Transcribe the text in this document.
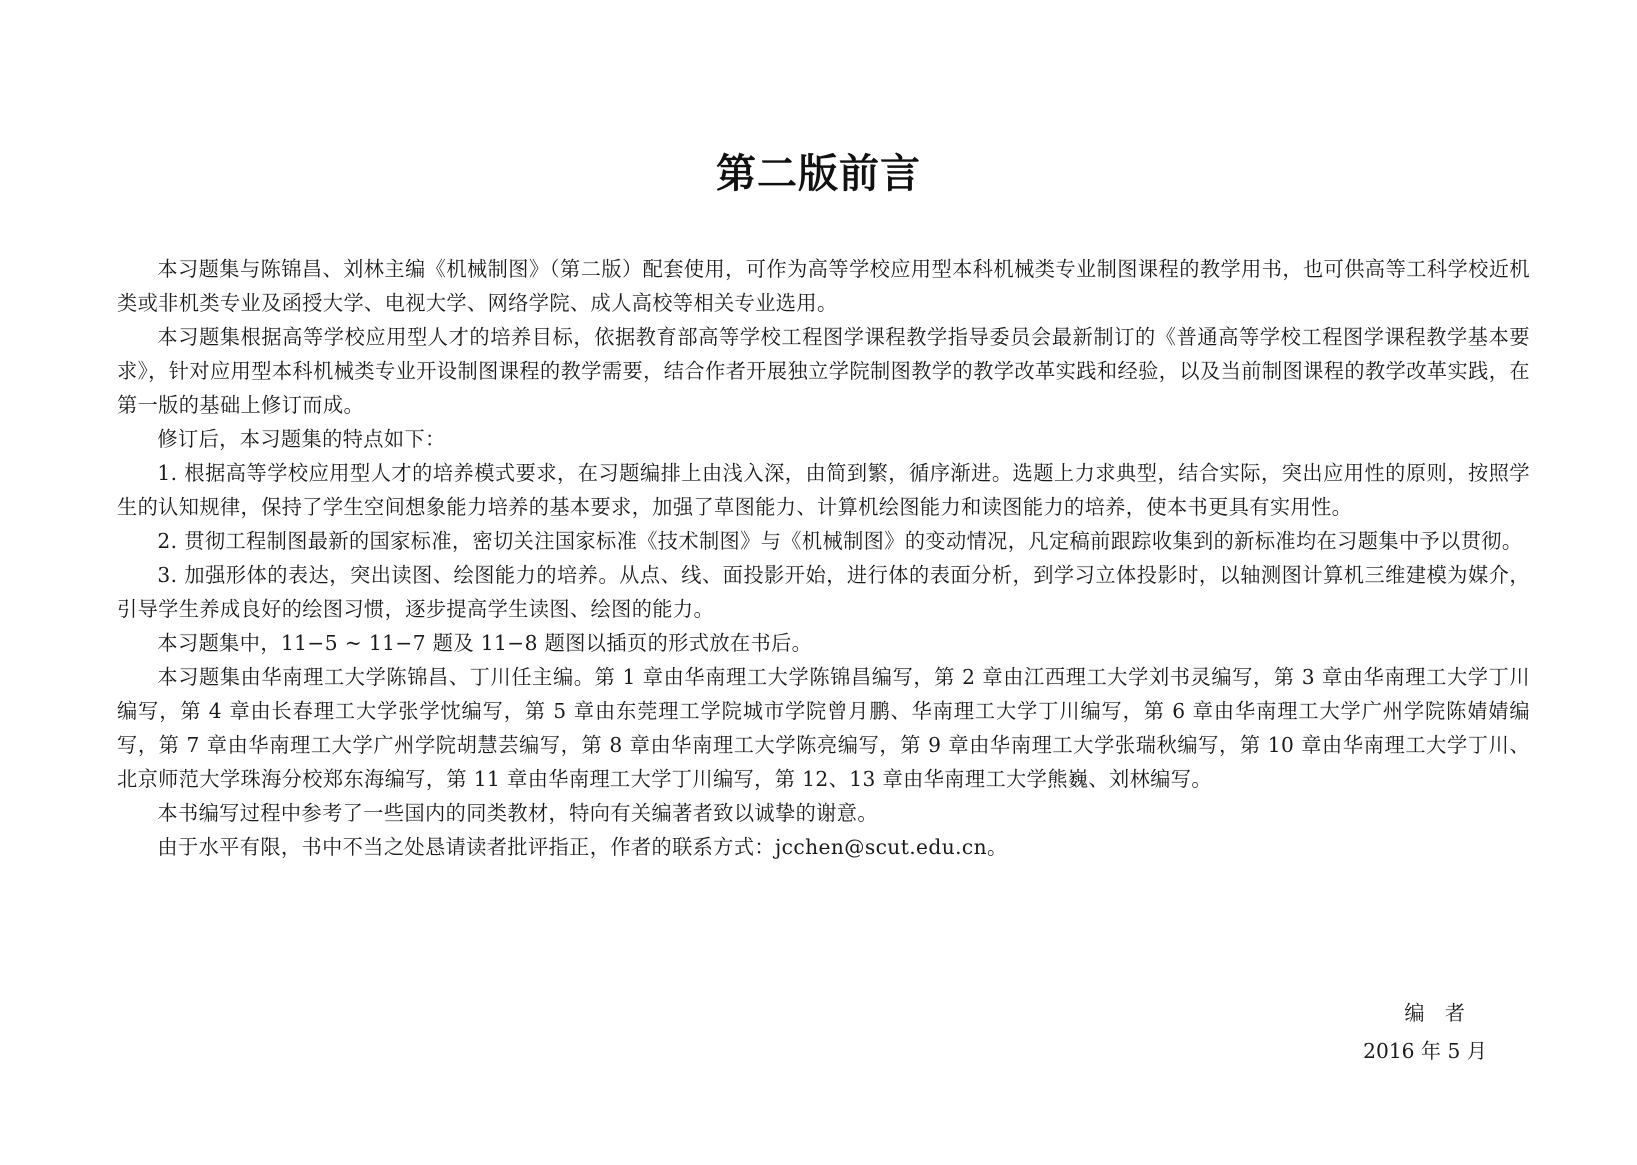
第二版前言

本习题集与陈锦昌、刘林主编《机械制图》（第二版）配套使用，可作为高等学校应用型本科机械类专业制图课程的教学用书，也可供高等工科学校近机类或非机类专业及函授大学、电视大学、网络学院、成人高校等相关专业选用。

本习题集根据高等学校应用型人才的培养目标，依据教育部高等学校工程图学课程教学指导委员会最新制订的《普通高等学校工程图学课程教学基本要求》，针对应用型本科机械类专业开设制图课程的教学需要，结合作者开展独立学院制图教学的教学改革实践和经验，以及当前制图课程的教学改革实践，在第一版的基础上修订而成。

修订后，本习题集的特点如下：

1. 根据高等学校应用型人才的培养模式要求，在习题编排上由浅入深，由简到繁，循序渐进。选题上力求典型，结合实际，突出应用性的原则，按照学生的认知规律，保持了学生空间想象能力培养的基本要求，加强了草图能力、计算机绘图能力和读图能力的培养，使本书更具有实用性。

2. 贯彻工程制图最新的国家标准，密切关注国家标准《技术制图》与《机械制图》的变动情况，凡定稿前跟踪收集到的新标准均在习题集中予以贯彻。

3. 加强形体的表达，突出读图、绘图能力的培养。从点、线、面投影开始，进行体的表面分析，到学习立体投影时，以轴测图计算机三维建模为媒介，引导学生养成良好的绘图习惯，逐步提高学生读图、绘图的能力。

本习题集中，11−5 ~ 11−7 题及 11−8 题图以插页的形式放在书后。

本习题集由华南理工大学陈锦昌、丁川任主编。第 1 章由华南理工大学陈锦昌编写，第 2 章由江西理工大学刘书灵编写，第 3 章由华南理工大学丁川编写，第 4 章由长春理工大学张学忱编写，第 5 章由东莞理工学院城市学院曾月鹏、华南理工大学丁川编写，第 6 章由华南理工大学广州学院陈婧婧编写，第 7 章由华南理工大学广州学院胡慧芸编写，第 8 章由华南理工大学陈亮编写，第 9 章由华南理工大学张瑞秋编写，第 10 章由华南理工大学丁川、北京师范大学珠海分校郑东海编写，第 11 章由华南理工大学丁川编写，第 12、13 章由华南理工大学熊巍、刘林编写。

本书编写过程中参考了一些国内的同类教材，特向有关编著者致以诚挚的谢意。

由于水平有限，书中不当之处恳请读者批评指正，作者的联系方式：jcchen@scut.edu.cn。

编　者
2016 年 5 月
